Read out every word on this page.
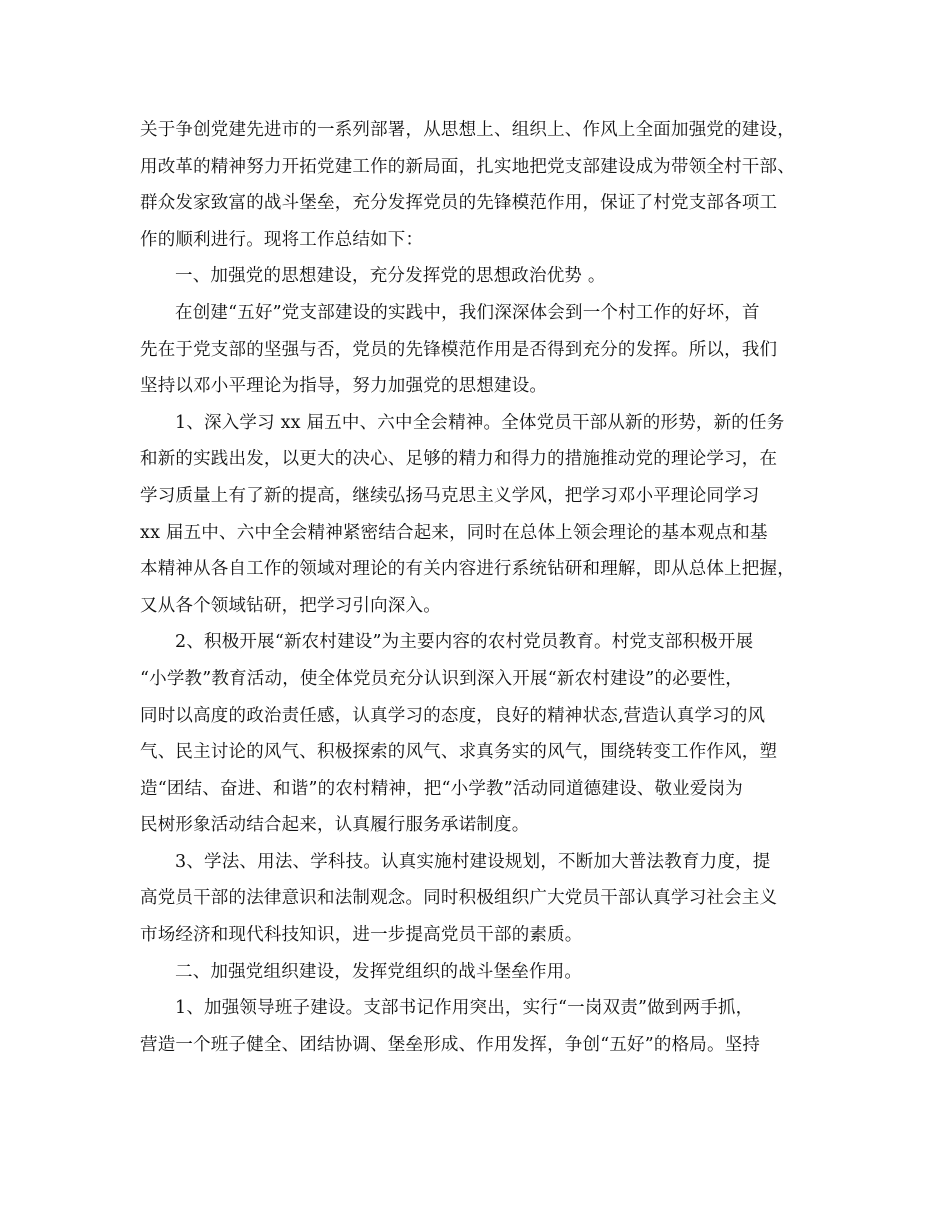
关于争创党建先进市的一系列部署，从思想上、组织上、作风上全面加强党的建设，
用改革的精神努力开拓党建工作的新局面，扎实地把党支部建设成为带领全村干部、
群众发家致富的战斗堡垒，充分发挥党员的先锋模范作用，保证了村党支部各项工
作的顺利进行。现将工作总结如下：
一、加强党的思想建设，充分发挥党的思想政治优势 。
在创建“五好”党支部建设的实践中，我们深深体会到一个村工作的好坏，首
先在于党支部的坚强与否，党员的先锋模范作用是否得到充分的发挥。所以，我们
坚持以邓小平理论为指导，努力加强党的思想建设。
1、深入学习 xx 届五中、六中全会精神。全体党员干部从新的形势，新的任务
和新的实践出发，以更大的决心、足够的精力和得力的措施推动党的理论学习，在
学习质量上有了新的提高，继续弘扬马克思主义学风，把学习邓小平理论同学习
xx 届五中、六中全会精神紧密结合起来，同时在总体上领会理论的基本观点和基
本精神从各自工作的领域对理论的有关内容进行系统钻研和理解，即从总体上把握，
又从各个领域钻研，把学习引向深入。
2、积极开展“新农村建设”为主要内容的农村党员教育。村党支部积极开展
“小学教”教育活动，使全体党员充分认识到深入开展“新农村建设”的必要性，
同时以高度的政治责任感，认真学习的态度，良好的精神状态,营造认真学习的风
气、民主讨论的风气、积极探索的风气、求真务实的风气，围绕转变工作作风，塑
造“团结、奋进、和谐”的农村精神，把“小学教”活动同道德建设、敬业爱岗为
民树形象活动结合起来，认真履行服务承诺制度。
3、学法、用法、学科技。认真实施村建设规划，不断加大普法教育力度，提
高党员干部的法律意识和法制观念。同时积极组织广大党员干部认真学习社会主义
市场经济和现代科技知识，进一步提高党员干部的素质。
二、加强党组织建设，发挥党组织的战斗堡垒作用。
1、加强领导班子建设。支部书记作用突出，实行“一岗双责”做到两手抓，
营造一个班子健全、团结协调、堡垒形成、作用发挥，争创“五好”的格局。坚持
